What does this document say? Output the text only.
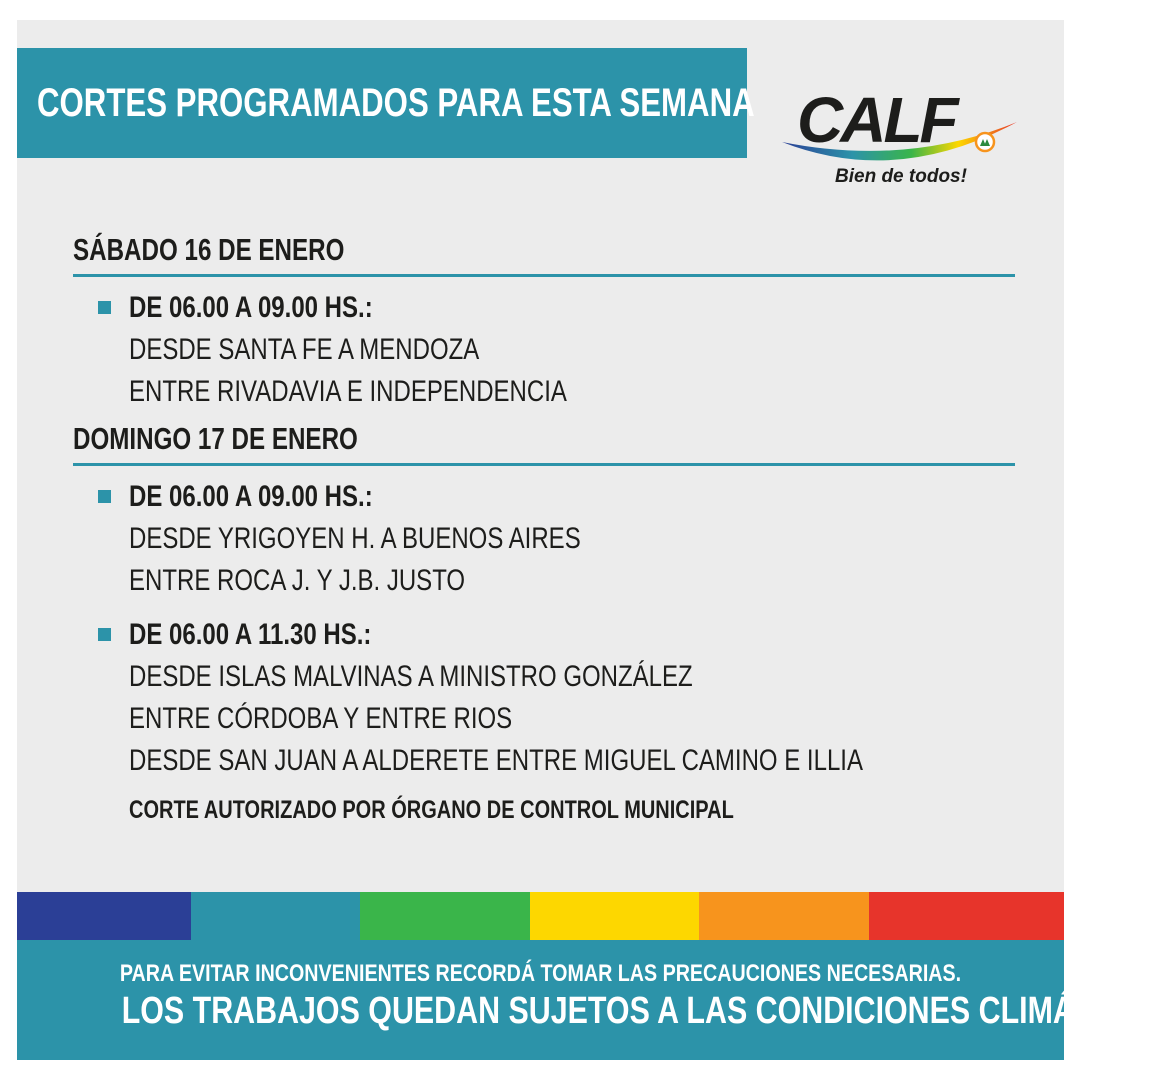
CORTES PROGRAMADOS PARA ESTA SEMANA CALF
Bien de todos!
SÁBADO 16 DE ENERO
DE 06.00 A 09.00 HS.:
DESDE SANTA FE A MENDOZA
ENTRE RIVADAVIA E INDEPENDENCIA
DOMINGO 17 DE ENERO
DE 06.00 A 09.00 HS.:
DESDE YRIGOYEN H. A BUENOS AIRES
ENTRE ROCA J. Y J.B. JUSTO
DE 06.00 A 11.30 HS.:
DESDE ISLAS MALVINAS A MINISTRO GONZÁLEZ
ENTRE CÓRDOBA Y ENTRE RIOS
DESDE SAN JUAN A ALDERETE ENTRE MIGUEL CAMINO E ILLIA
CORTE AUTORIZADO POR ÓRGANO DE CONTROL MUNICIPAL
PARA EVITAR INCONVENIENTES RECORDÁ TOMAR LAS PRECAUCIONES NECESARIAS.
LOS TRABAJOS QUEDAN SUJETOS A LAS CONDICIONES CLIMÁTICAS.
